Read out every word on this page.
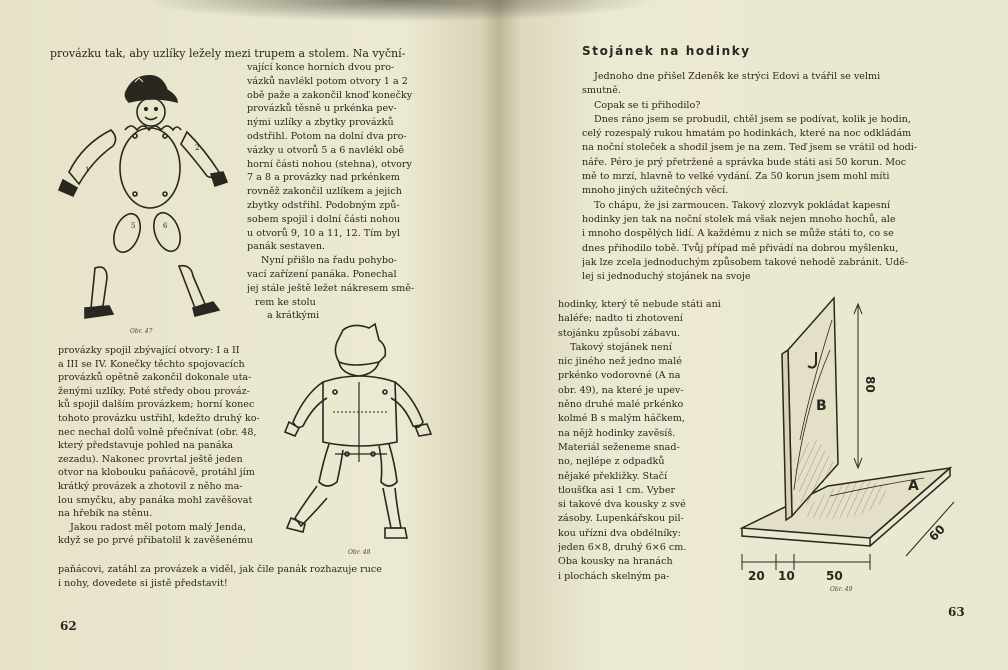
provázku tak, aby uzlíky ležely mezi trupem a stolem. Na vyční-
vající konce horních dvou pro-
vázků navlékl potom otvory 1 a 2
obě paže a zakončil knoď konečky
provázků těsně u prkénka pev-
nými uzlíky a zbytky provázků
odstřihl. Potom na dolní dva pro-
vázky u otvorů 5 a 6 navlékl obě
horní části nohou (stehna), otvory
7 a 8 a provázky nad prkénkem
rovněž zakončil uzlíkem a jejich
zbytky odstřihl. Podobným způ-
sobem spojil i dolní části nohou
u otvorů 9, 10 a 11, 12. Tím byl
panák sestaven.
Nyní přišlo na řadu pohybo-
vací zařízení panáka. Ponechal
jej stále ještě ležet nákresem smě-
rem ke stolu
a krátkými
1
2
5	6
Obr. 47
Obr. 48
provázky spojil zbývající otvory: I a II
a III se IV. Konečky těchto spojovacích
provázků opětně zakončil dokonale uta-
ženými uzlíky. Poté středy obou prováz-
ků spojil dalším provázkem; horní konec
tohoto provázku ustřihl, kdežto druhý ko-
nec nechal dolů volně přečnívat (obr. 48,
který představuje pohled na panáka
zezadu). Nakonec provrtal ještě jeden
otvor na klobouku paňácově, protáhl jím
krátký provázek a zhotovil z něho ma-
lou smyčku, aby panáka mohl zavěšovat
na hřebík na stěnu.
Jakou radost měl potom malý Jenda,
když se po prvé přibatolil k zavěšenému
paňácovi, zatáhl za provázek a viděl, jak čile panák rozhazuje ruce
i nohy, dovedete si jistě představit!
62
Stojánek na hodinky
Jednoho dne přišel Zdeněk ke strýci Edovi a tvářil se velmi
smutně.
Copak se ti přihodilo?
Dnes ráno jsem se probudil, chtěl jsem se podívat, kolik je hodin,
celý rozespalý rukou hmatám po hodinkách, které na noc odkládám
na noční stoleček a shodil jsem je na zem. Teď jsem se vrátil od hodi-
náře. Péro je prý přetržené a správka bude státi asi 50 korun. Moc
mě to mrzí, hlavně to velké vydání. Za 50 korun jsem mohl míti
mnoho jiných užitečných věcí.
To chápu, že jsi zarmoucen. Takový zlozvyk pokládat kapesní
hodinky jen tak na noční stolek má však nejen mnoho hochů, ale
i mnoho dospělých lidí. A každému z nich se může státi to, co se
dnes přihodilo tobě. Tvůj případ mě přivádí na dobrou myšlenku,
jak lze zcela jednoduchým způsobem takové nehodě zabránit. Udě-
lej si jednoduchý stojánek na svoje
hodinky, který tě nebude státi ani
haléře; nadto ti zhotovení
stojánku způsobí zábavu.
Takový stojánek není
nic jiného než jedno malé
prkénko vodorovné (A na
obr. 49), na které je upev-
něno druhé malé prkénko
kolmé B s malým háčkem,
na nějž hodinky zavěsíš.
Materiál seženeme snad-
no, nejlépe z odpadků
nějaké překližky. Stačí
tloušťka asi 1 cm. Vyber
si takové dva kousky z své
zásoby. Lupenkářskou pil-
kou uřízni dva obdélníky:
jeden 6×8, druhý 6×6 cm.
Oba kousky na hranách
i plochách skelným pa-
A
B
80
60
20 10	50
Obr. 49
63
